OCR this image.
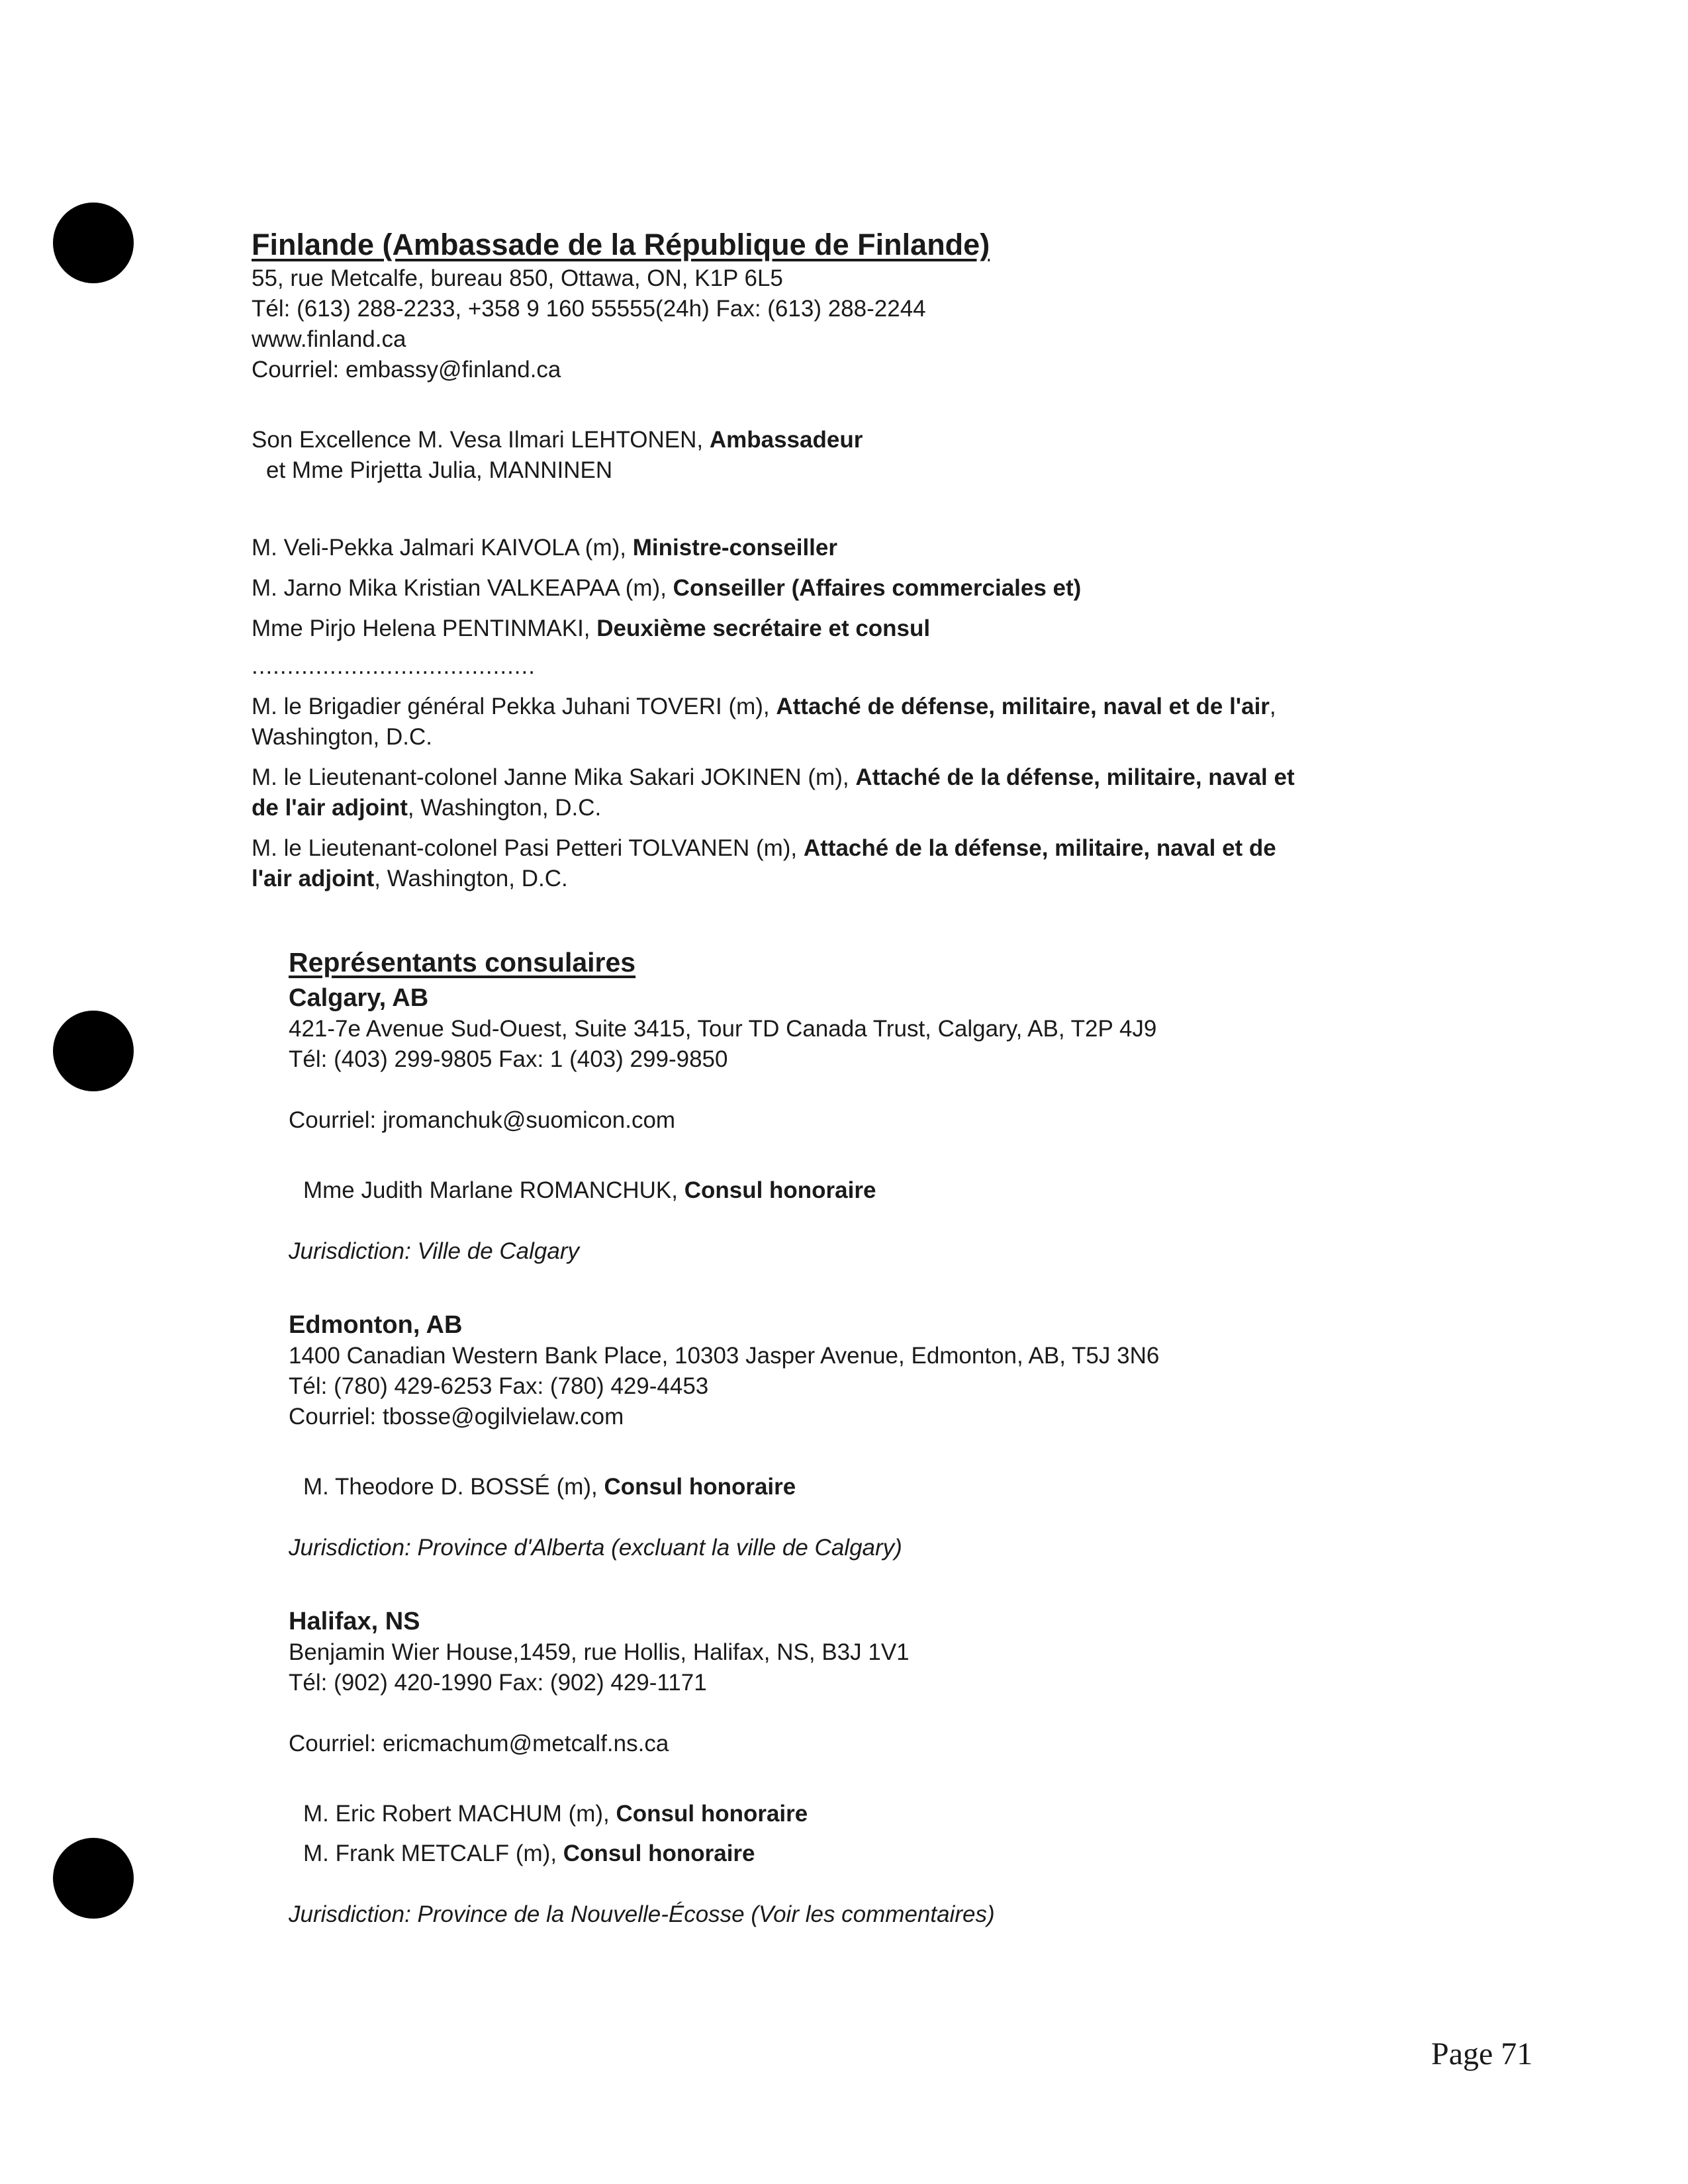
Finlande (Ambassade de la République de Finlande)
55, rue Metcalfe, bureau 850, Ottawa, ON, K1P 6L5
Tél: (613) 288-2233, +358 9 160 55555(24h) Fax: (613) 288-2244
www.finland.ca
Courriel: embassy@finland.ca
Son Excellence M. Vesa Ilmari LEHTONEN, Ambassadeur
et Mme Pirjetta Julia, MANNINEN
M. Veli-Pekka Jalmari KAIVOLA (m), Ministre-conseiller
M. Jarno Mika Kristian VALKEAPAA (m), Conseiller (Affaires commerciales et)
Mme Pirjo Helena PENTINMAKI, Deuxième secrétaire et consul
........................................
M. le Brigadier général Pekka Juhani TOVERI (m), Attaché de défense, militaire, naval et de l'air,
Washington, D.C.
M. le Lieutenant-colonel Janne Mika Sakari JOKINEN (m), Attaché de la défense, militaire, naval et
de l'air adjoint, Washington, D.C.
M. le Lieutenant-colonel Pasi Petteri TOLVANEN (m), Attaché de la défense, militaire, naval et de
l'air adjoint, Washington, D.C.
Représentants consulaires
Calgary, AB
421-7e Avenue Sud-Ouest, Suite 3415, Tour TD Canada Trust, Calgary, AB, T2P 4J9
Tél: (403) 299-9805 Fax: 1 (403) 299-9850
Courriel: jromanchuk@suomicon.com
Mme Judith Marlane ROMANCHUK, Consul honoraire
Jurisdiction: Ville de Calgary
Edmonton, AB
1400 Canadian Western Bank Place, 10303 Jasper Avenue, Edmonton, AB, T5J 3N6
Tél: (780) 429-6253 Fax: (780) 429-4453
Courriel: tbosse@ogilvielaw.com
M. Theodore D. BOSSÉ (m), Consul honoraire
Jurisdiction: Province d'Alberta (excluant la ville de Calgary)
Halifax, NS
Benjamin Wier House,1459, rue Hollis, Halifax, NS, B3J 1V1
Tél: (902) 420-1990 Fax: (902) 429-1171
Courriel: ericmachum@metcalf.ns.ca
M. Eric Robert MACHUM (m), Consul honoraire
M. Frank METCALF (m), Consul honoraire
Jurisdiction: Province de la Nouvelle-Écosse (Voir les commentaires)
Page 71
